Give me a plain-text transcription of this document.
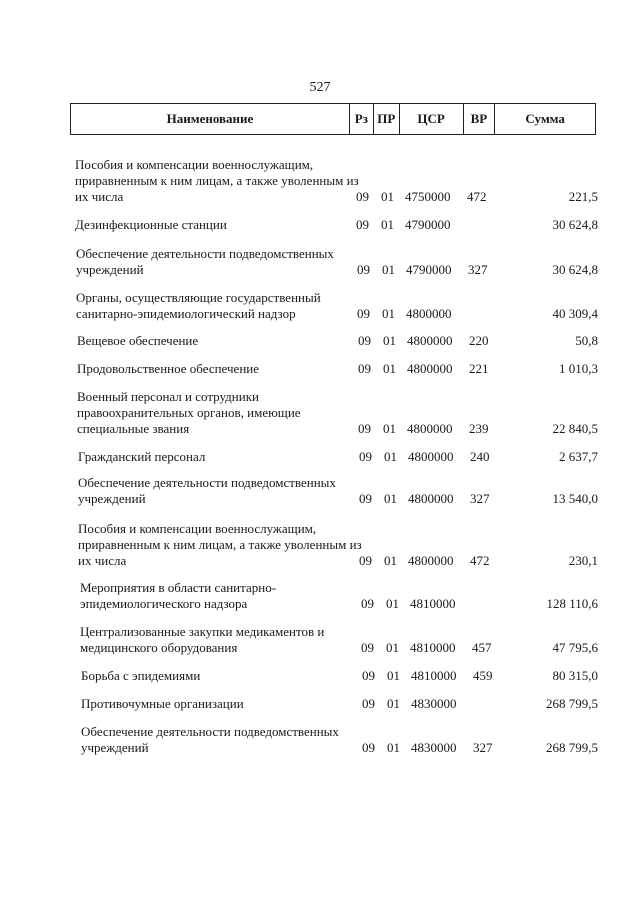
527
Наименование	Рз ПР	ЦСР	ВР	Сумма
Пособия и компенсации военнослужащим, приравненным к ним лицам, а также уволенным из их числа	09 01 4750000 472	221,5
Дезинфекционные станции	09 01 4790000	30 624,8
Обеспечение деятельности подведомственных учреждений	09 01 4790000 327	30 624,8
Органы, осуществляющие государственный санитарно-эпидемиологический надзор	09 01 4800000	40 309,4
Вещевое обеспечение	09 01 4800000 220	50,8
Продовольственное обеспечение	09 01 4800000 221	1 010,3
Военный персонал и сотрудники правоохранительных органов, имеющие специальные звания	09 01 4800000 239	22 840,5
Гражданский персонал	09 01 4800000 240	2 637,7
Обеспечение деятельности подведомственных учреждений	09 01 4800000 327	13 540,0
Пособия и компенсации военнослужащим, приравненным к ним лицам, а также уволенным из их числа	09 01 4800000 472	230,1
Мероприятия в области санитарно-эпидемиологического надзора	09 01 4810000	128 110,6
Централизованные закупки медикаментов и медицинского оборудования	09 01 4810000 457	47 795,6
Борьба с эпидемиями	09 01 4810000 459	80 315,0
Противочумные организации	09 01 4830000	268 799,5
Обеспечение деятельности подведомственных учреждений	09 01 4830000 327	268 799,5
